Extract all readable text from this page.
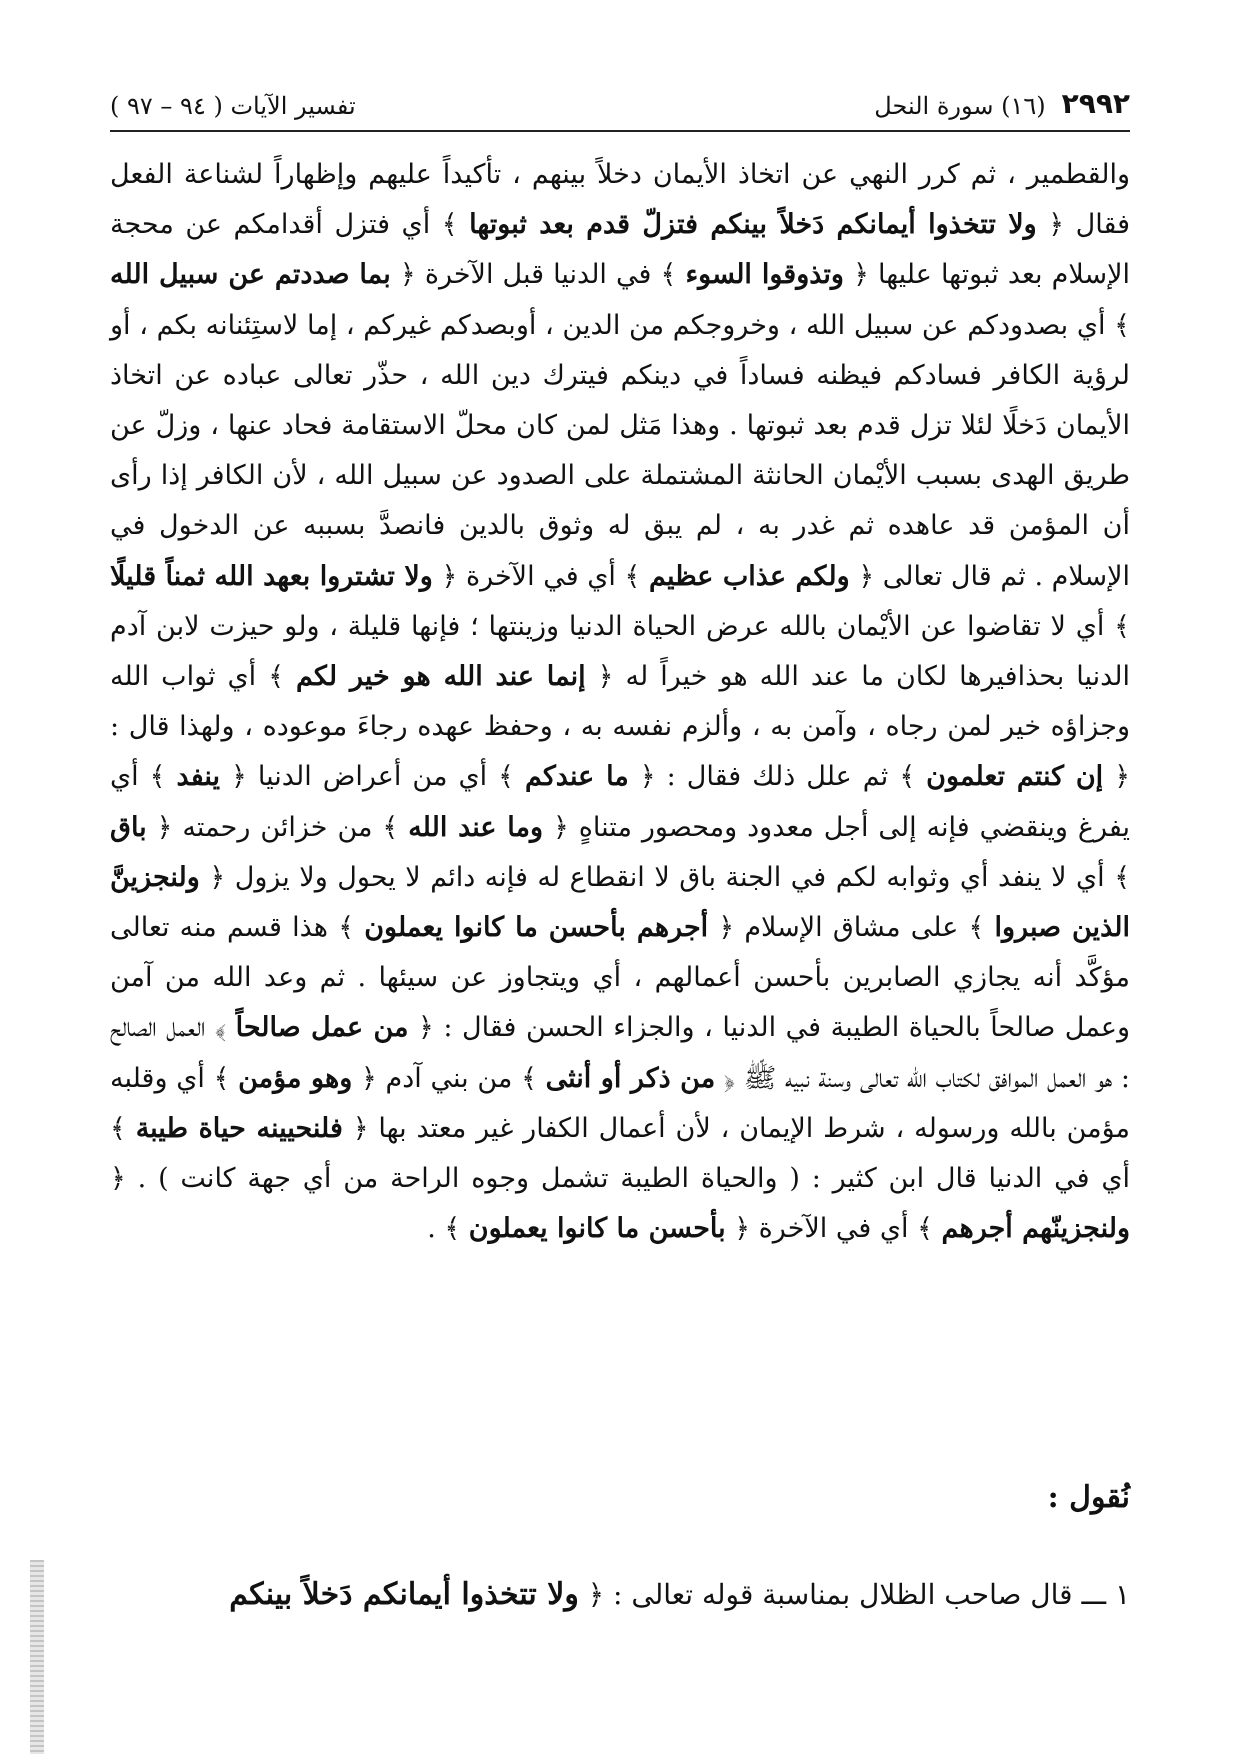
٢٩٩٢
(١٦) سورة النحل
تفسير الآيات ( ٩٤ – ٩٧ )
والقطمير ، ثم كرر النهي عن اتخاذ الأيمان دخلاً بينهم ، تأكيداً عليهم وإظهاراً لشناعة الفعل فقال ﴿ ولا تتخذوا أيمانكم دَخلاً بينكم فتزلّ قدم بعد ثبوتها ﴾ أي فتزل أقدامكم عن محجة الإسلام بعد ثبوتها عليها ﴿ وتذوقوا السوء ﴾ في الدنيا قبل الآخرة ﴿ بما صددتم عن سبيل الله ﴾ أي بصدودكم عن سبيل الله ، وخروجكم من الدين ، أوبصدكم غيركم ، إما لاستِئنانه بكم ، أو لرؤية الكافر فسادكم فيظنه فساداً في دينكم فيترك دين الله ، حذّر تعالى عباده عن اتخاذ الأيمان دَخلًا لئلا تزل قدم بعد ثبوتها . وهذا مَثل لمن كان محلّ الاستقامة فحاد عنها ، وزلّ عن طريق الهدى بسبب الأيْمان الحانثة المشتملة على الصدود عن سبيل الله ، لأن الكافر إذا رأى أن المؤمن قد عاهده ثم غدر به ، لم يبق له وثوق بالدين فانصدَّ بسببه عن الدخول في الإسلام . ثم قال تعالى ﴿ ولكم عذاب عظيم ﴾ أي في الآخرة ﴿ ولا تشتروا بعهد الله ثمناً قليلًا ﴾ أي لا تقاضوا عن الأيْمان بالله عرض الحياة الدنيا وزينتها ؛ فإنها قليلة ، ولو حيزت لابن آدم الدنيا بحذافيرها لكان ما عند الله هو خيراً له ﴿ إنما عند الله هو خير لكم ﴾ أي ثواب الله وجزاؤه خير لمن رجاه ، وآمن به ، وألزم نفسه به ، وحفظ عهده رجاءَ موعوده ، ولهذا قال : ﴿ إن كنتم تعلمون ﴾ ثم علل ذلك فقال : ﴿ ما عندكم ﴾ أي من أعراض الدنيا ﴿ ينفد ﴾ أي يفرغ وينقضي فإنه إلى أجل معدود ومحصور متناهٍ ﴿ وما عند الله ﴾ من خزائن رحمته ﴿ باق ﴾ أي لا ينفد أي وثوابه لكم في الجنة باق لا انقطاع له فإنه دائم لا يحول ولا يزول ﴿ ولنجزينَّ الذين صبروا ﴾ على مشاق الإسلام ﴿ أجرهم بأحسن ما كانوا يعملون ﴾ هذا قسم منه تعالى مؤكَّد أنه يجازي الصابرين بأحسن أعمالهم ، أي ويتجاوز عن سيئها . ثم وعد الله من آمن وعمل صالحاً بالحياة الطيبة في الدنيا ، والجزاء الحسن فقال : ﴿ من عمل صالحاً ﴾ العمل الصالح : هو العمل الموافق لكتاب الله تعالى وسنة نبيه ﷺ ﴿ من ذكر أو أنثى ﴾ من بني آدم ﴿ وهو مؤمن ﴾ أي وقلبه مؤمن بالله ورسوله ، شرط الإيمان ، لأن أعمال الكفار غير معتد بها ﴿ فلنحيينه حياة طيبة ﴾ أي في الدنيا قال ابن كثير : ( والحياة الطيبة تشمل وجوه الراحة من أي جهة كانت ) . ﴿ ولنجزينّهم أجرهم ﴾ أي في الآخرة ﴿ بأحسن ما كانوا يعملون ﴾ .
نُقول :
١ ـــ قال صاحب الظلال بمناسبة قوله تعالى : ﴿ ولا تتخذوا أيمانكم دَخلاً بينكم
